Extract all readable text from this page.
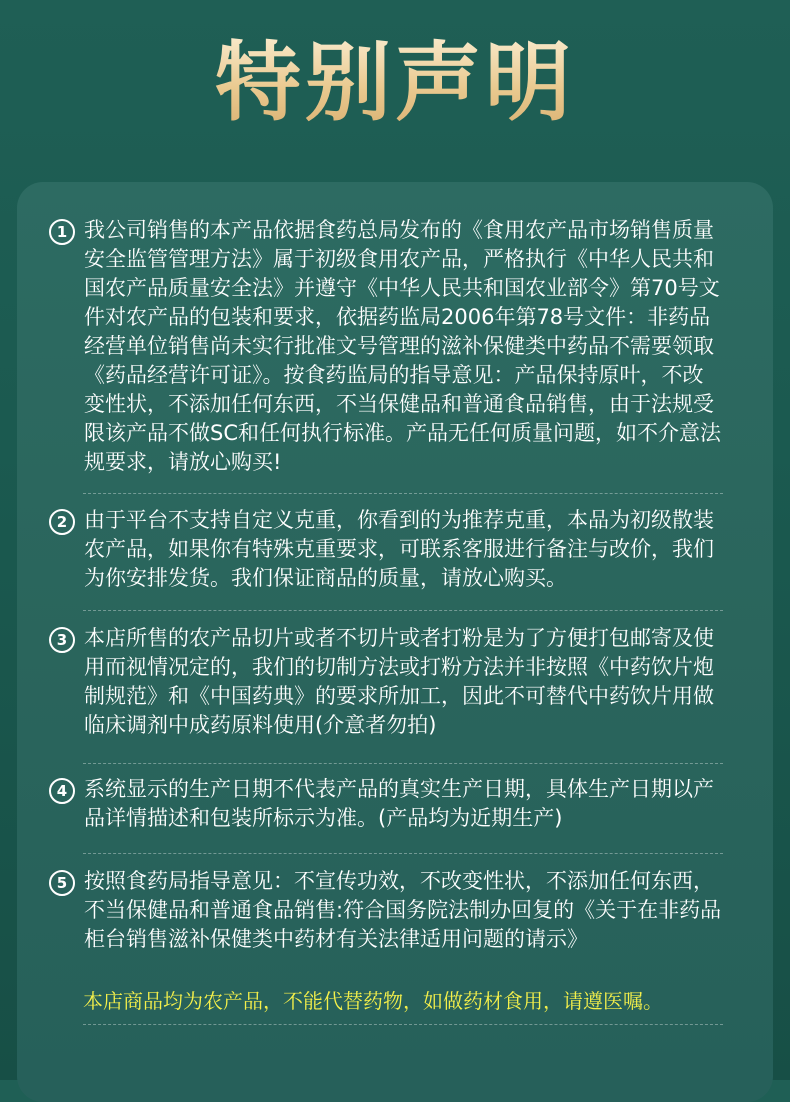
特别声明
1 我公司销售的本产品依据食药总局发布的《食用农产品市场销售质量安全监管管理方法》属于初级食用农产品，严格执行《中华人民共和国农产品质量安全法》并遵守《中华人民共和国农业部令》第70号文件对农产品的包装和要求，依据药监局2006年第78号文件：非药品经营单位销售尚未实行批准文号管理的滋补保健类中药品不需要领取《药品经营许可证》。按食药监局的指导意见：产品保持原叶，不改变性状，不添加任何东西，不当保健品和普通食品销售，由于法规受限该产品不做SC和任何执行标准。产品无任何质量问题，如不介意法规要求，请放心购买!
2 由于平台不支持自定义克重，你看到的为推荐克重，本品为初级散装农产品，如果你有特殊克重要求，可联系客服进行备注与改价，我们为你安排发货。我们保证商品的质量，请放心购买。
3 本店所售的农产品切片或者不切片或者打粉是为了方便打包邮寄及使用而视情况定的，我们的切制方法或打粉方法并非按照《中药饮片炮制规范》和《中国药典》的要求所加工，因此不可替代中药饮片用做临床调剂中成药原料使用(介意者勿拍)
4 系统显示的生产日期不代表产品的真实生产日期，具体生产日期以产品详情描述和包装所标示为准。(产品均为近期生产)
5 按照食药局指导意见：不宣传功效，不改变性状，不添加任何东西，不当保健品和普通食品销售:符合国务院法制办回复的《关于在非药品柜台销售滋补保健类中药材有关法律适用问题的请示》
本店商品均为农产品，不能代替药物，如做药材食用，请遵医嘱。
